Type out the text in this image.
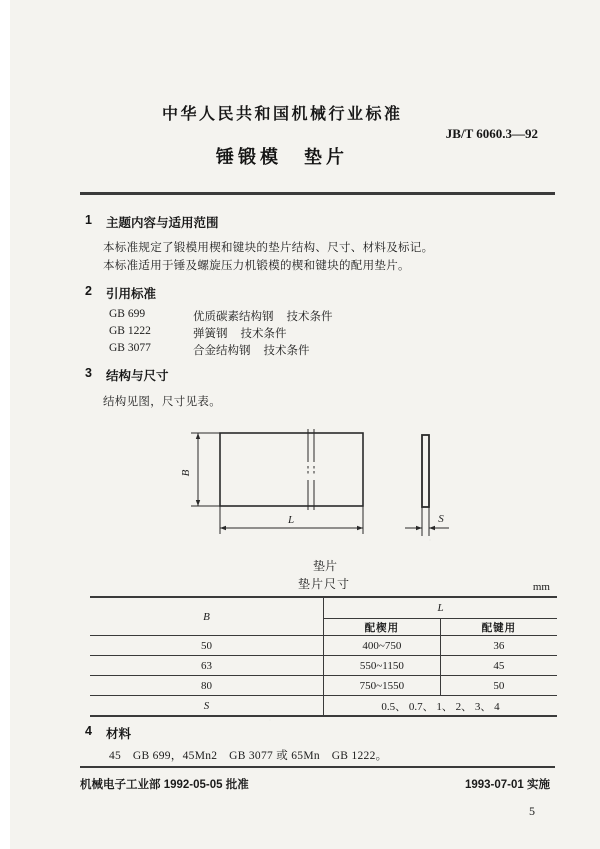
中华人民共和国机械行业标准
JB/T 6060.3—92
锤锻模　垫片
1 主题内容与适用范围
本标准规定了锻模用楔和键块的垫片结构、尺寸、材料及标记。
本标准适用于锤及螺旋压力机锻模的楔和键块的配用垫片。
2 引用标准
GB 699	优质碳素结构钢 技术条件
GB 1222	弹簧钢 技术条件
GB 3077	合金结构钢 技术条件
3 结构与尺寸
结构见图，尺寸见表。
B
L	S
垫片
垫片尺寸	mm
B	L	
	配楔用	配键用
50	400~750	36
63	550~1150	45
80	750~1550	50
S	0.5、 0.7、 1、 2、 3、 4	
4 材料
45　GB 699，45Mn2　GB 3077 或 65Mn　GB 1222。
机械电子工业部 1992-05-05 批准	1993-07-01 实施
5
